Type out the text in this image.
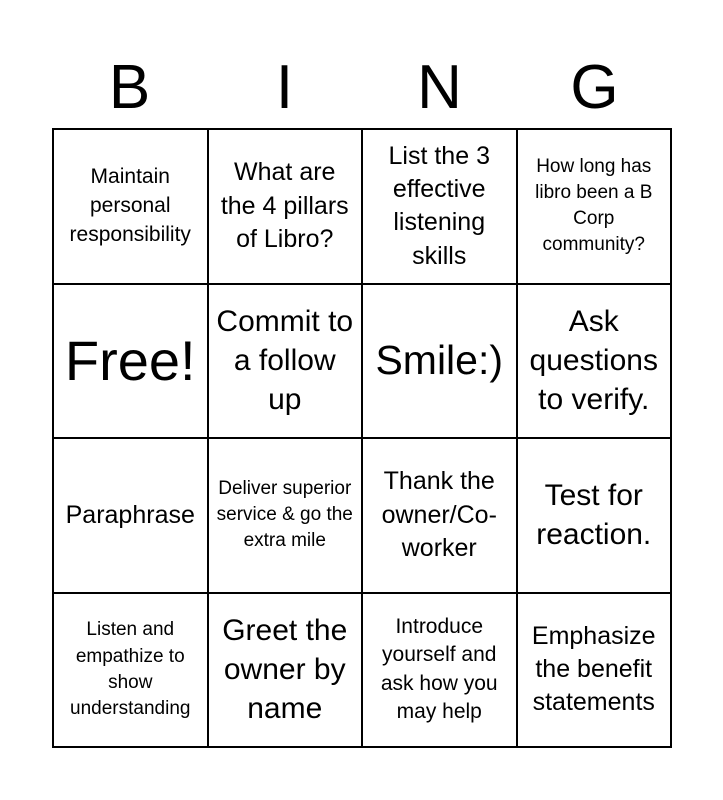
B	I	N	G
Maintain personal responsibility
What are the 4 pillars of Libro?
List the 3 effective listening skills
How long has libro been a B Corp community?
Free!
Commit to a follow up
Smile:)
Ask questions to verify.
Paraphrase
Deliver superior service & go the extra mile
Thank the owner/Co-worker
Test for reaction.
Listen and empathize to show understanding
Greet the owner by name
Introduce yourself and ask how you may help
Emphasize the benefit statements
